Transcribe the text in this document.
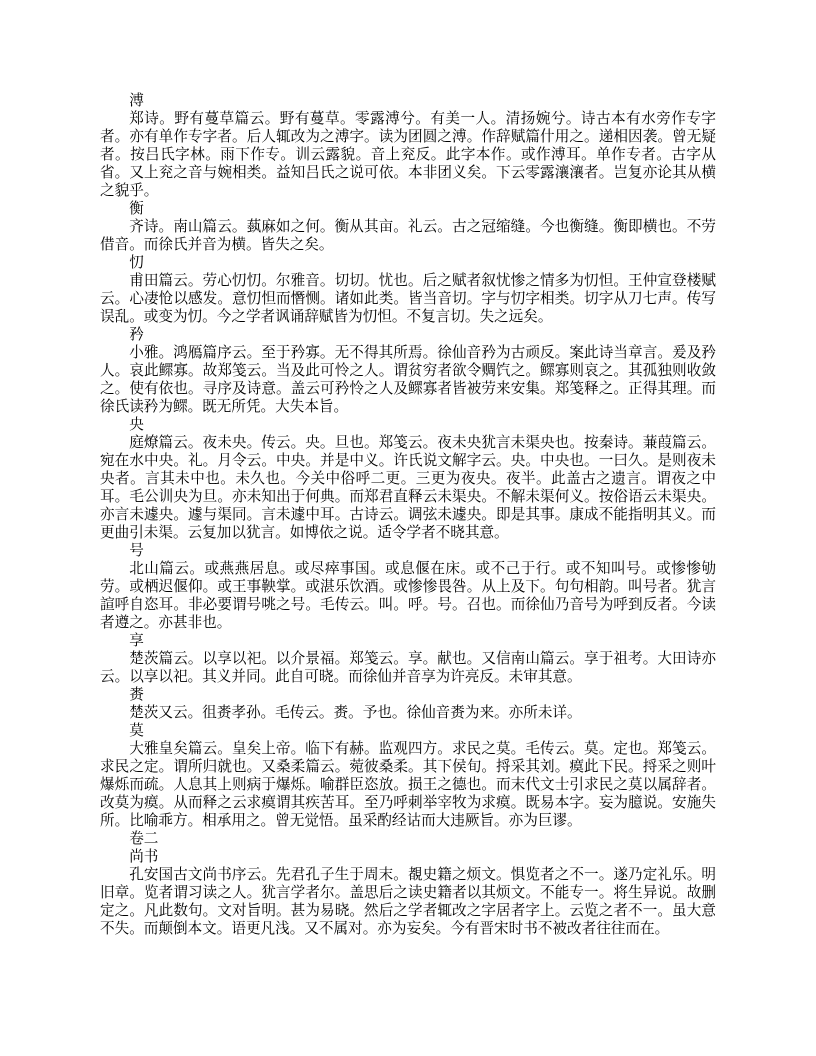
溥

郑诗。野有蔓草篇云。野有蔓草。零露溥兮。有美一人。清扬婉兮。诗古本有水旁作专字者。亦有单作专字者。后人辄改为之溥字。读为团圆之溥。作辞赋篇什用之。递相因袭。曾无疑者。按吕氏字林。雨下作专。训云露貌。音上兖反。此字本作。或作溥耳。单作专者。古字从省。又上兖之音与婉相类。益知吕氏之说可依。本非团义矣。下云零露瀼瀼者。岂复亦论其从横之貌乎。

衡

齐诗。南山篇云。蓺麻如之何。衡从其亩。礼云。古之冠缩缝。今也衡缝。衡即横也。不劳借音。而徐氏并音为横。皆失之矣。

忉

甫田篇云。劳心忉忉。尔雅音。切切。忧也。后之赋者叙忧惨之情多为忉怛。王仲宣登楼赋云。心凄怆以感发。意忉怛而憯恻。诸如此类。皆当音切。字与忉字相类。切字从刀七声。传写误乱。或变为忉。今之学者讽诵辞赋皆为忉怛。不复言切。失之远矣。

矜

小雅。鸿鴈篇序云。至于矜寡。无不得其所焉。徐仙音矜为古顽反。案此诗当章言。爰及矜人。哀此鳏寡。故郑笺云。当及此可怜之人。谓贫穷者欲令赒饩之。鳏寡则哀之。其孤独则收敛之。使有依也。寻序及诗意。盖云可矜怜之人及鳏寡者皆被劳来安集。郑笺释之。正得其理。而徐氏读矜为鳏。既无所凭。大失本旨。

央

庭燎篇云。夜未央。传云。央。旦也。郑笺云。夜未央犹言未渠央也。按秦诗。蒹葭篇云。宛在水中央。礼。月令云。中央。并是中义。许氏说文解字云。央。中央也。一曰久。是则夜未央者。言其未中也。未久也。今关中俗呼二更。三更为夜央。夜半。此盖古之遗言。谓夜之中耳。毛公训央为旦。亦未知出于何典。而郑君直释云未渠央。不解未渠何义。按俗语云未渠央。亦言未遽央。遽与渠同。言未遽中耳。古诗云。调弦未遽央。即是其事。康成不能指明其义。而更曲引未渠。云复加以犹言。如博依之说。适令学者不晓其意。

号

北山篇云。或燕燕居息。或尽瘁事国。或息偃在床。或不己于行。或不知叫号。或惨惨劬劳。或栖迟偃仰。或王事鞅掌。或湛乐饮酒。或惨惨畏咎。从上及下。句句相韵。叫号者。犹言諠呼自恣耳。非必要谓号咷之号。毛传云。叫。呼。号。召也。而徐仙乃音号为呼到反者。今读者遵之。亦甚非也。

享

楚茨篇云。以享以祀。以介景福。郑笺云。享。献也。又信南山篇云。享于祖考。大田诗亦云。以享以祀。其义并同。此自可晓。而徐仙并音享为许亮反。未审其意。

赉

楚茨又云。徂赉孝孙。毛传云。赉。予也。徐仙音赉为来。亦所未详。

莫

大雅皇矣篇云。皇矣上帝。临下有赫。监观四方。求民之莫。毛传云。莫。定也。郑笺云。求民之定。谓所归就也。又桑柔篇云。菀彼桑柔。其下侯旬。捋采其刘。瘼此下民。捋采之则叶爆烁而疏。人息其上则病于爆烁。喻群臣恣放。损王之德也。而末代文士引求民之莫以属辞者。改莫为瘼。从而释之云求瘼谓其疾苦耳。至乃呼刺举宰牧为求瘼。既易本字。妄为臆说。安施失所。比喻乖方。相承用之。曾无觉悟。虽采酌经诂而大违厥旨。亦为巨谬。

卷二
尚书

孔安国古文尚书序云。先君孔子生于周末。覩史籍之烦文。惧览者之不一。遂乃定礼乐。明旧章。览者谓习读之人。犹言学者尔。盖思后之读史籍者以其烦文。不能专一。将生异说。故删定之。凡此数句。文对旨明。甚为易晓。然后之学者辄改之字居者字上。云览之者不一。虽大意不失。而颠倒本文。语更凡浅。又不属对。亦为妄矣。今有晋宋时书不被改者往往而在。
